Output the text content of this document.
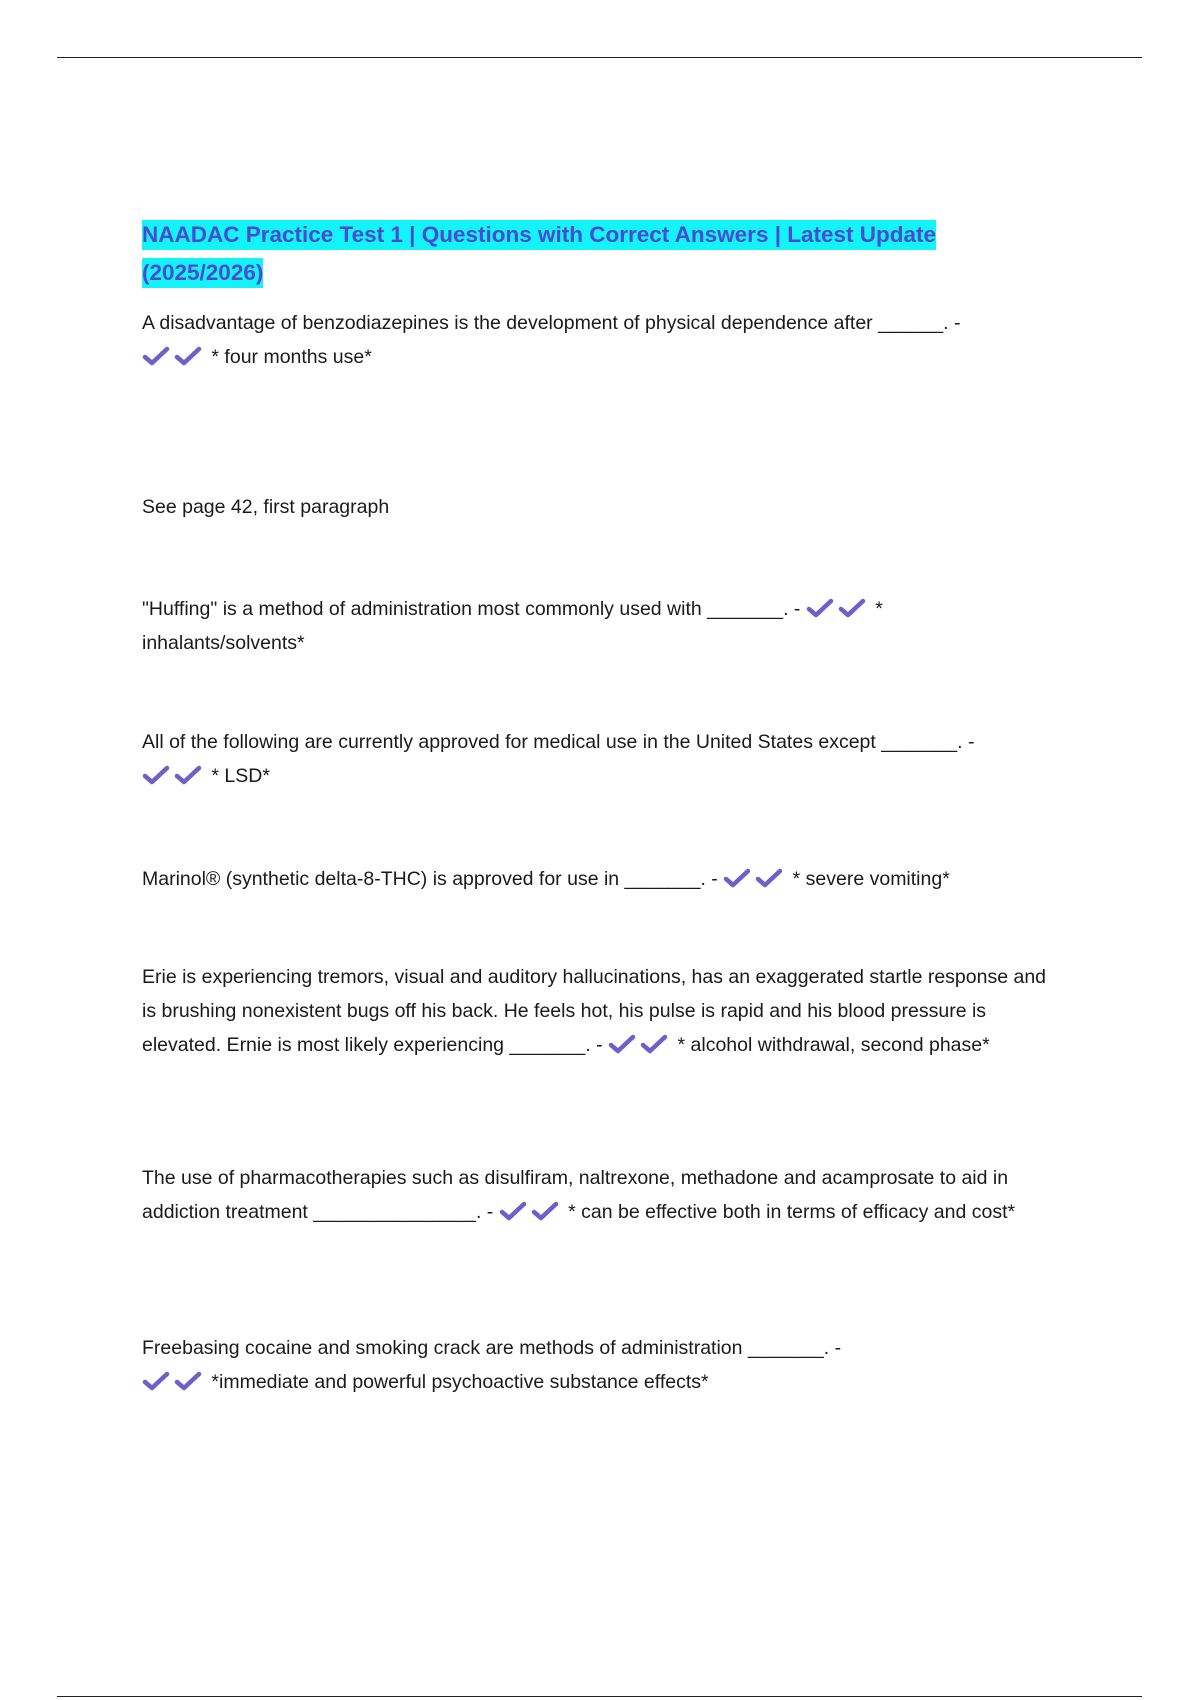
NAADAC Practice Test 1 | Questions with Correct Answers | Latest Update
(2025/2026)
A disadvantage of benzodiazepines is the development of physical dependence after ______. -

* four months use*
See page 42, first paragraph
"Huffing" is a method of administration most commonly used with _______. -	* inhalants/solvents*
All of the following are currently approved for medical use in the United States except _______. -

* LSD*
Marinol® (synthetic delta-8-THC) is approved for use in _______. -	* severe vomiting*
Erie is experiencing tremors, visual and auditory hallucinations, has an exaggerated startle response and is brushing nonexistent bugs off his back. He feels hot, his pulse is rapid and his blood pressure is elevated. Ernie is most likely experiencing _______. -	* alcohol withdrawal, second phase*
The use of pharmacotherapies such as disulfiram, naltrexone, methadone and acamprosate to aid in addiction treatment _______________. -	* can be effective both in terms of efficacy and cost*
Freebasing cocaine and smoking crack are methods of administration _______. -

*immediate and powerful psychoactive substance effects*
